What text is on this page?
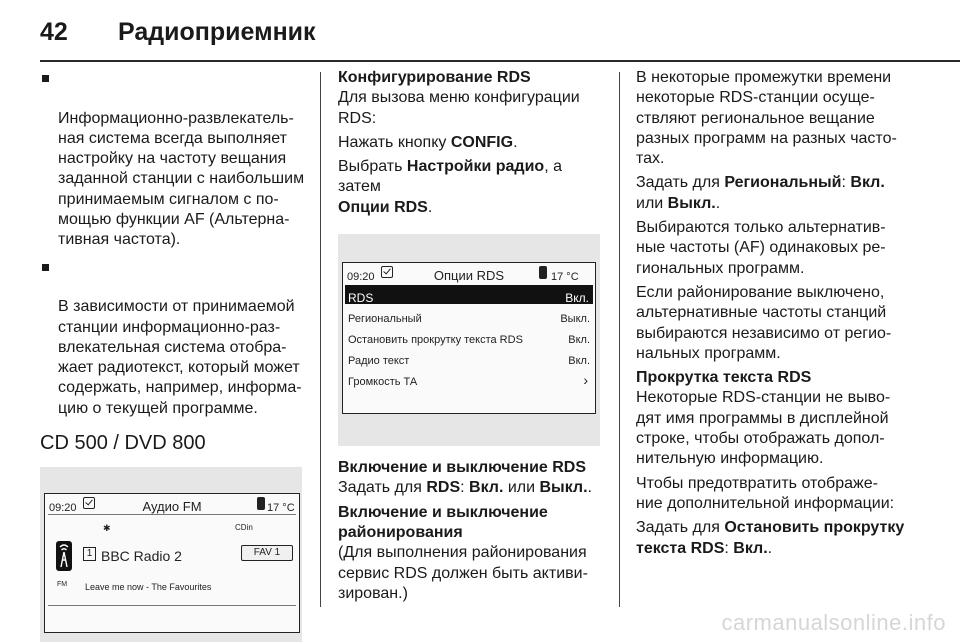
42 Радиоприемник

Информационно-развлекатель-
ная система всегда выполняет
настройку на частоту вещания
заданной станции с наибольшим
принимаемым сигналом с по-
мощью функции AF (Альтерна-
тивная частота).

В зависимости от принимаемой
станции информационно-раз-
влекательная система отобра-
жает радиотекст, который может
содержать, например, информа-
цию о текущей программе.

CD 500 / DVD 800
09:20	Аудио FM	17 °C
✱	CDin
FM
1 BBC Radio 2	FAV 1
Leave me now - The Favourites
Конфигурирование RDS
Для вызова меню конфигурации
RDS:
Нажать кнопку CONFIG.
Выбрать Настройки радио, а затем
Опции RDS.
09:20	Опции RDS	17 °C
RDS	Вкл.
Региональный	Выкл.
Остановить прокрутку текста RDS	Вкл.
Радио текст	Вкл.
Громкость ТА	›
Включение и выключение RDS
Задать для RDS: Вкл. или Выкл..
Включение и выключение
районирования
(Для выполнения районирования
сервис RDS должен быть активи-
зирован.)
В некоторые промежутки времени
некоторые RDS-станции осуще-
ствляют региональное вещание
разных программ на разных часто-
тах.
Задать для Региональный: Вкл.
или Выкл..
Выбираются только альтернатив-
ные частоты (AF) одинаковых ре-
гиональных программ.
Если районирование выключено,
альтернативные частоты станций
выбираются независимо от регио-
нальных программ.
Прокрутка текста RDS
Некоторые RDS-станции не выво-
дят имя программы в дисплейной
строке, чтобы отображать допол-
нительную информацию.
Чтобы предотвратить отображе-
ние дополнительной информации:
Задать для Остановить прокрутку
текста RDS: Вкл..
carmanualsonline.info
